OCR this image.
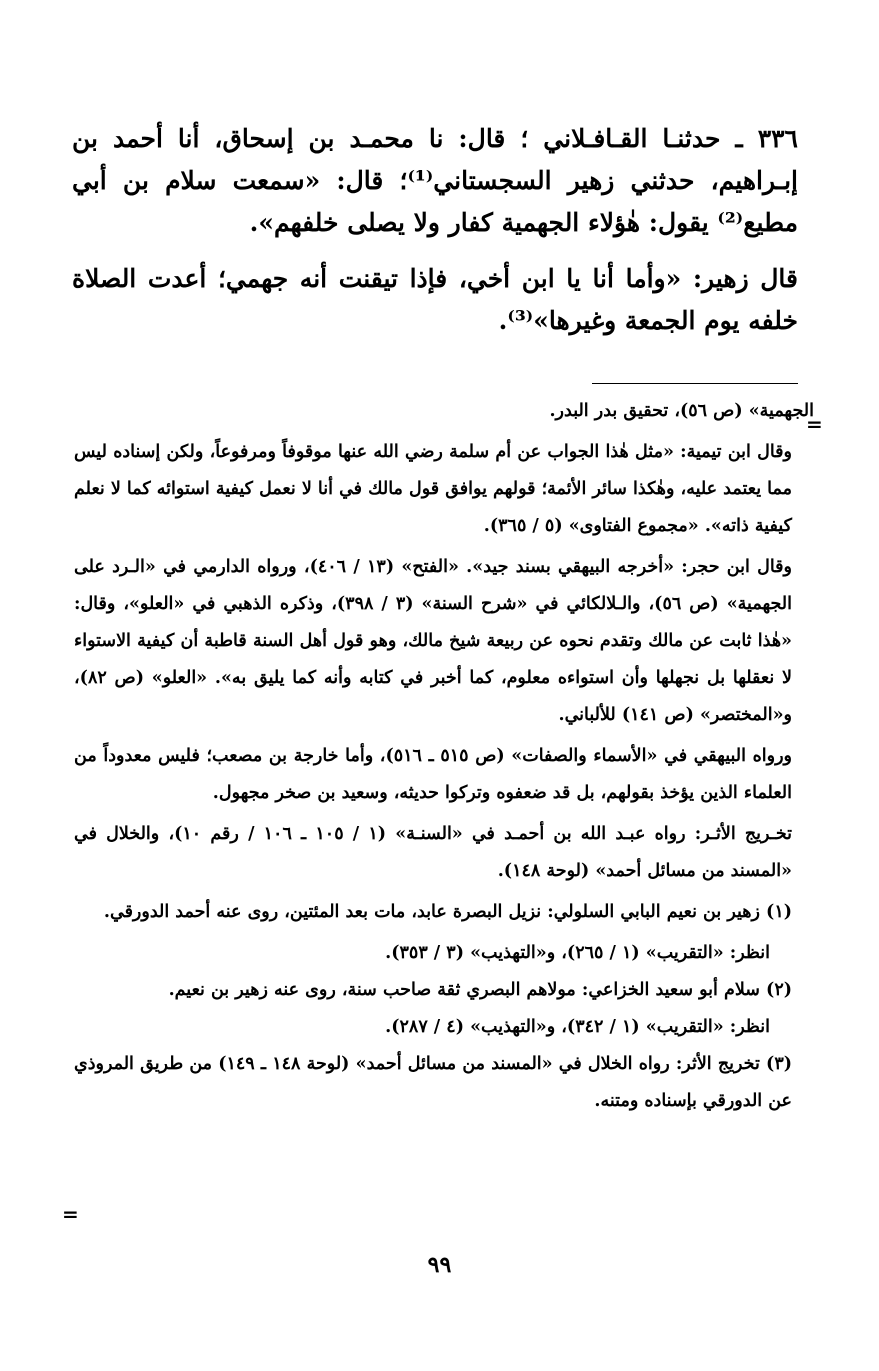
٣٣٦ ـ حدثنـا القـافـلاني ؛ قال: نا محمـد بن إسحاق، أنا أحمد بن إبـراهيم، حدثني زهير السجستاني⁽¹⁾؛ قال: «سمعت سلام بن أبي مطيع⁽²⁾ يقول: هٰؤلاء الجهمية كفار ولا يصلى خلفهم».

قال زهير: «وأما أنا يا ابن أخي، فإذا تيقنت أنه جهمي؛ أعدت الصلاة خلفه يوم الجمعة وغيرها»⁽³⁾.

=

الجهمية» (ص ٥٦)، تحقيق بدر البدر.

وقال ابن تيمية: «مثل هٰذا الجواب عن أم سلمة رضي الله عنها موقوفاً ومرفوعاً، ولكن إسناده ليس مما يعتمد عليه، وهٰكذا سائر الأئمة؛ قولهم يوافق قول مالك في أنا لا نعمل كيفية استوائه كما لا نعلم كيفية ذاته». «مجموع الفتاوى» (٥ / ٣٦٥).

وقال ابن حجر: «أخرجه البيهقي بسند جيد». «الفتح» (١٣ / ٤٠٦)، ورواه الدارمي في «الـرد على الجهمية» (ص ٥٦)، والـلالكائي في «شرح السنة» (٣ / ٣٩٨)، وذكره الذهبي في «العلو»، وقال: «هٰذا ثابت عن مالك وتقدم نحوه عن ربيعة شيخ مالك، وهو قول أهل السنة قاطبة أن كيفية الاستواء لا نعقلها بل نجهلها وأن استواءه معلوم، كما أخبر في كتابه وأنه كما يليق به». «العلو» (ص ٨٢)، و«المختصر» (ص ١٤١) للألباني.

ورواه البيهقي في «الأسماء والصفات» (ص ٥١٥ ـ ٥١٦)، وأما خارجة بن مصعب؛ فليس معدوداً من العلماء الذين يؤخذ بقولهم، بل قد ضعفوه وتركوا حديثه، وسعيد بن صخر مجهول.

تخـريج الأثـر: رواه عبـد الله بن أحمـد في «السنـة» (١ / ١٠٥ ـ ١٠٦ / رقم ١٠)، والخلال في «المسند من مسائل أحمد» (لوحة ١٤٨).

(١) زهير بن نعيم البابي السلولي: نزيل البصرة عابد، مات بعد المئتين، روى عنه أحمد الدورقي.

انظر: «التقريب» (١ / ٢٦٥)، و«التهذيب» (٣ / ٣٥٣).

(٢) سلام أبو سعيد الخزاعي: مولاهم البصري ثقة صاحب سنة، روى عنه زهير بن نعيم.

انظر: «التقريب» (١ / ٣٤٢)، و«التهذيب» (٤ / ٢٨٧).

(٣) تخريج الأثر: رواه الخلال في «المسند من مسائل أحمد» (لوحة ١٤٨ ـ ١٤٩) من طريق المروذي عن الدورقي بإسناده ومتنه.

=
٩٩
